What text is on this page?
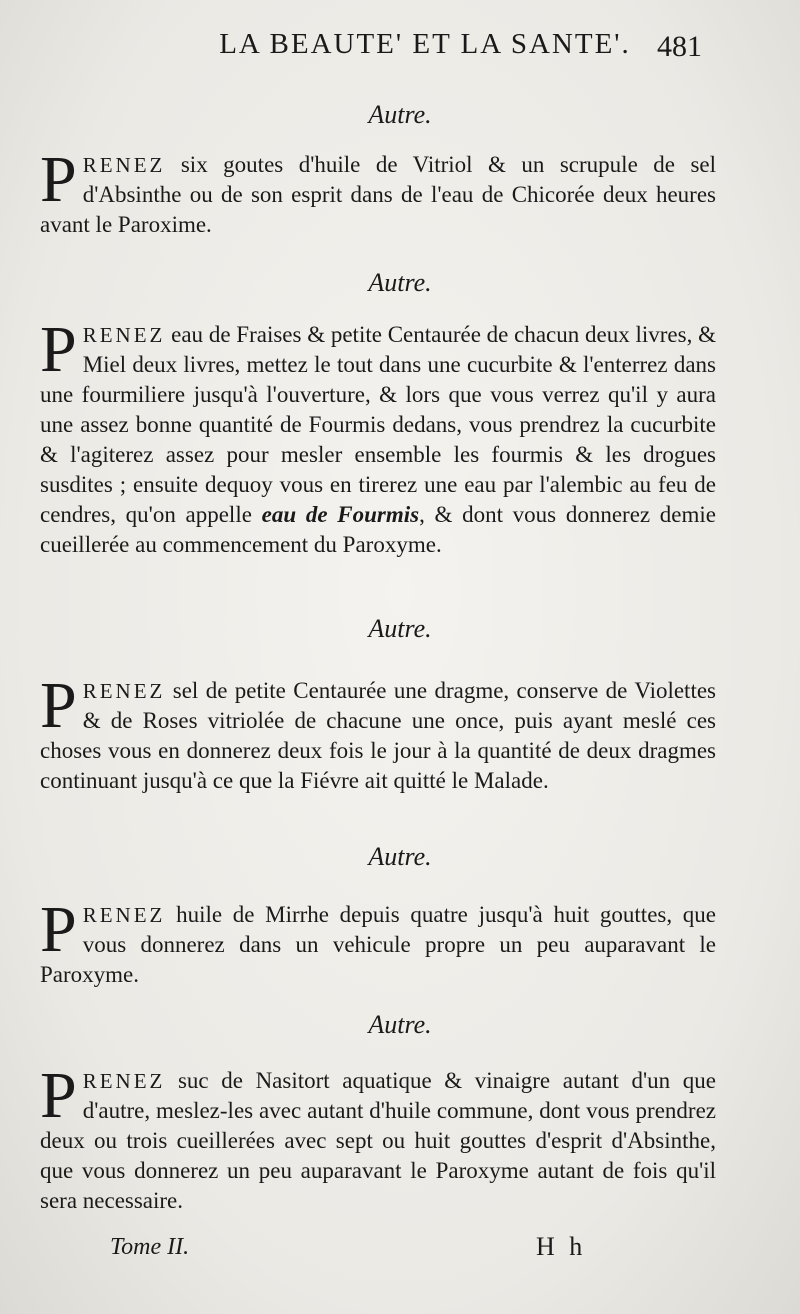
LA BEAUTE' ET LA SANTE'. 481
Autre.
PRENEZ six goutes d'huile de Vitriol & un scrupule de sel d'Absinthe ou de son esprit dans de l'eau de Chicorée deux heures avant le Paroxime.
Autre.
PRENEZ eau de Fraises & petite Centaurée de chacun deux livres, & Miel deux livres, mettez le tout dans une cucurbite & l'enterrez dans une fourmiliere jusqu'à l'ouverture, & lors que vous verrez qu'il y aura une assez bonne quantité de Fourmis dedans, vous prendrez la cucurbite & l'agiterez assez pour mesler ensemble les fourmis & les drogues susdites ; ensuite dequoy vous en tirerez une eau par l'alembic au feu de cendres, qu'on appelle eau de Fourmis, & dont vous donnerez demie cueillerée au commencement du Paroxyme.
Autre.
PRENEZ sel de petite Centaurée une dragme, conserve de Violettes & de Roses vitriolée de chacune une once, puis ayant meslé ces choses vous en donnerez deux fois le jour à la quantité de deux dragmes continuant jusqu'à ce que la Fiévre ait quitté le Malade.
Autre.
PRENEZ huile de Mirrhe depuis quatre jusqu'à huit gouttes, que vous donnerez dans un vehicule propre un peu auparavant le Paroxyme.
Autre.
PRENEZ suc de Nasitort aquatique & vinaigre autant d'un que d'autre, meslez-les avec autant d'huile commune, dont vous prendrez deux ou trois cueillerées avec sept ou huit gouttes d'esprit d'Absinthe, que vous donnerez un peu auparavant le Paroxyme autant de fois qu'il sera necessaire.
Tome II.	H h
